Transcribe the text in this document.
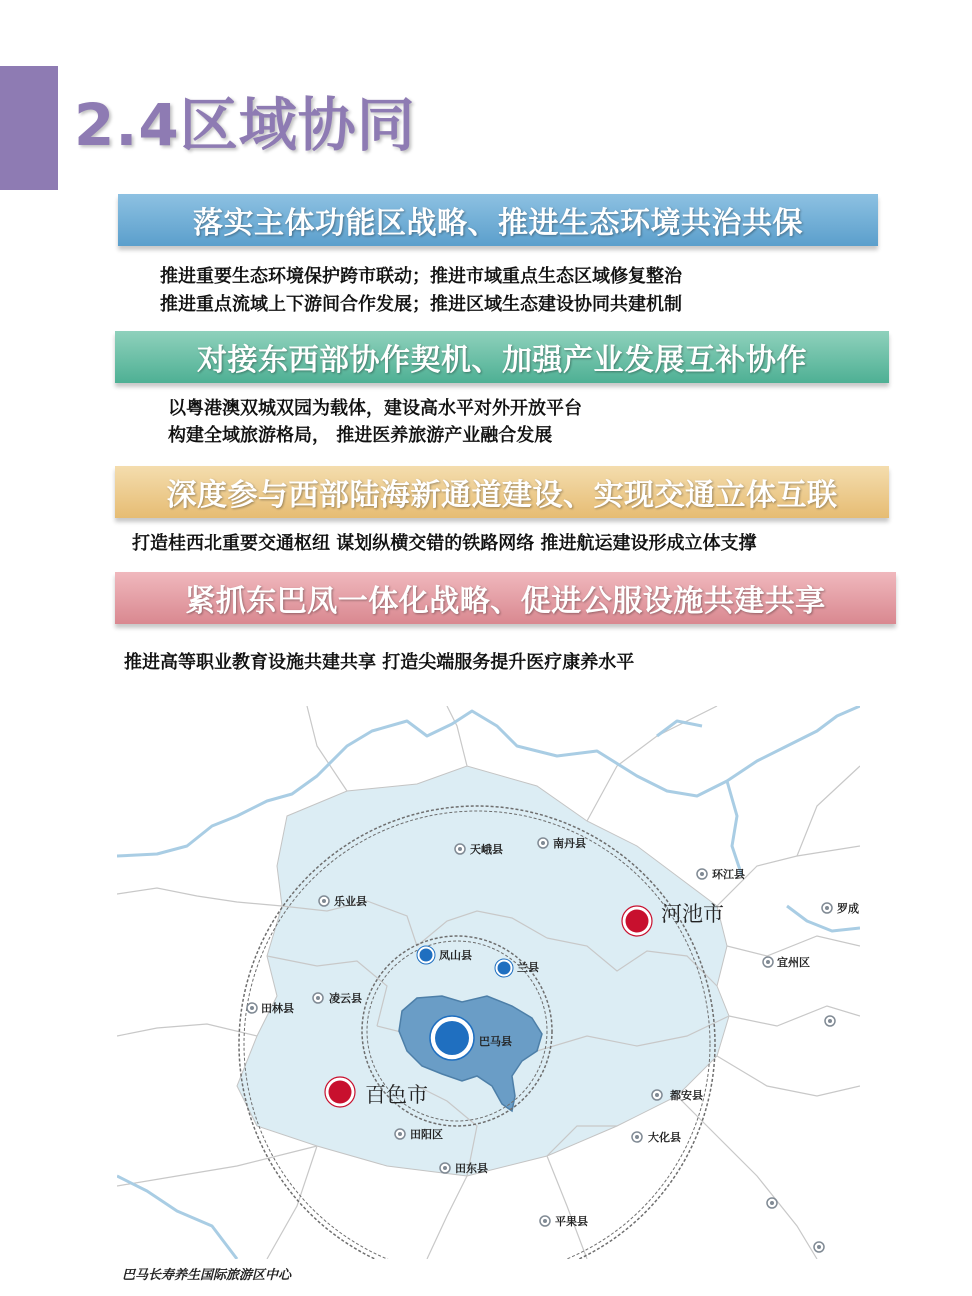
2.4区域协同
落实主体功能区战略、推进生态环境共治共保
推进重要生态环境保护跨市联动；推进市域重点生态区域修复整治
推进重点流域上下游间合作发展；推进区域生态建设协同共建机制
对接东西部协作契机、加强产业发展互补协作
以粤港澳双城双园为载体，建设高水平对外开放平台
构建全域旅游格局， 推进医养旅游产业融合发展
深度参与西部陆海新通道建设、实现交通立体互联
打造桂西北重要交通枢纽 谋划纵横交错的铁路网络 推进航运建设形成立体支撑
紧抓东巴凤一体化战略、促进公服设施共建共享
推进高等职业教育设施共建共享 打造尖端服务提升医疗康养水平
巴马县
凤山县
兰县
河池市
百色市
天峨县	南丹县
环江县
乐业县
罗成
宜州区
田林县
凌云县
都安县
田阳区	大化县
田东县
平果县
巴马长寿养生国际旅游区中心
